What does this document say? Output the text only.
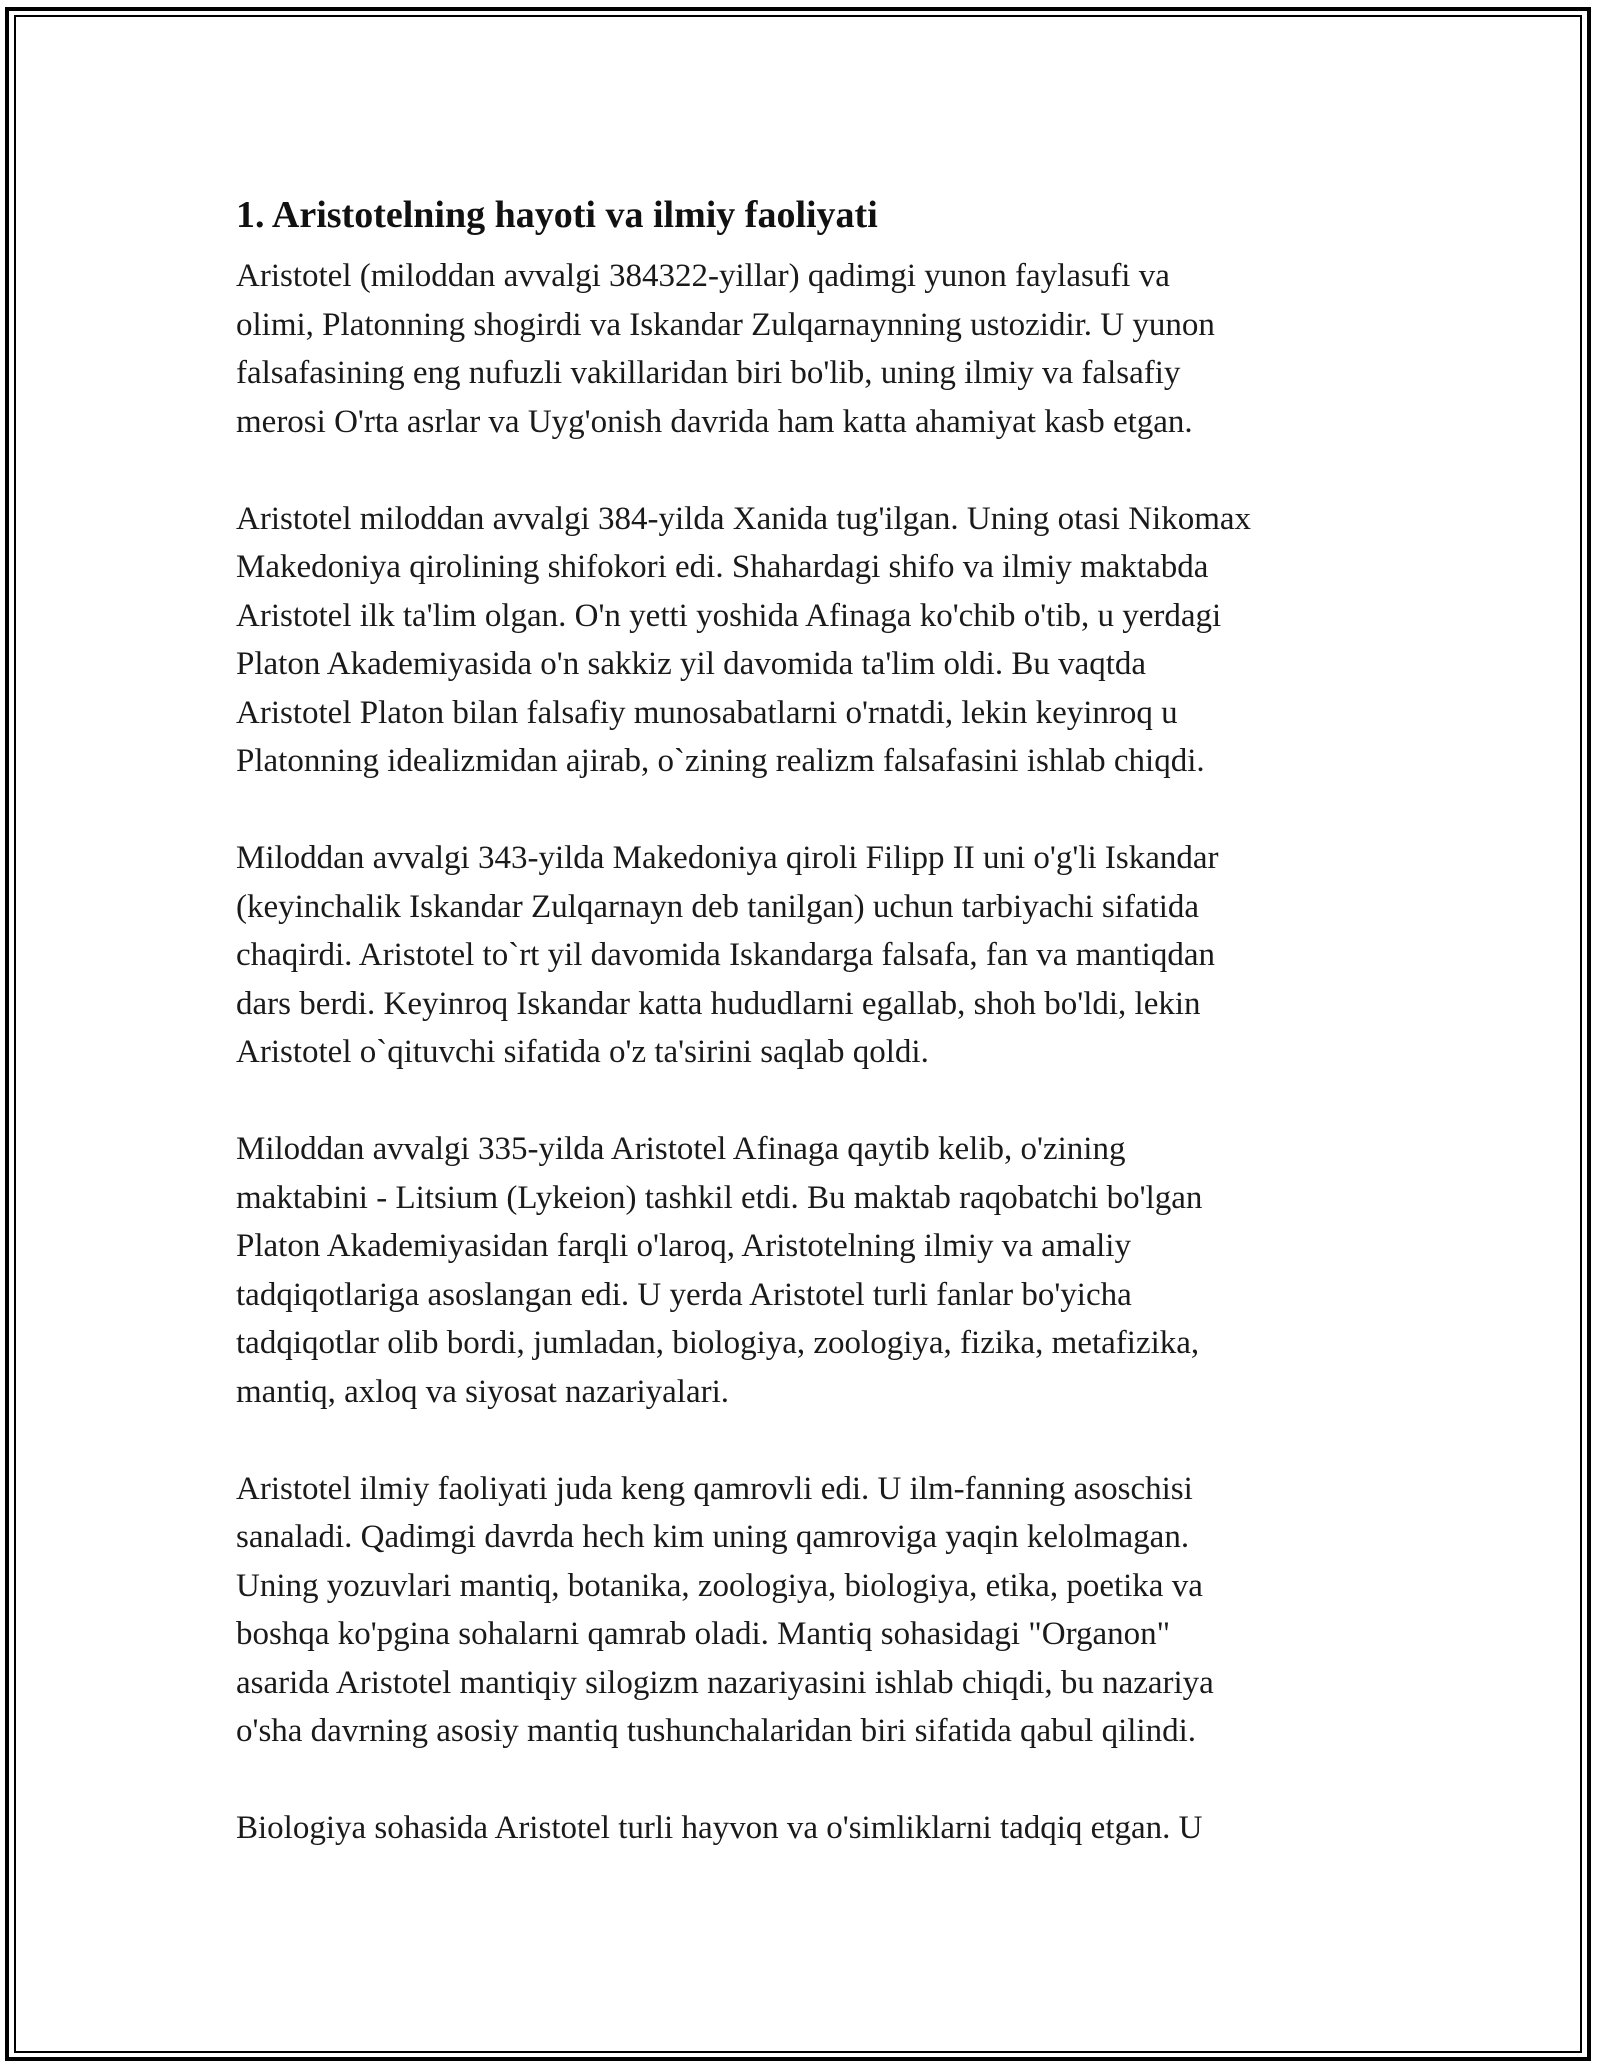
1. Aristotelning hayoti va ilmiy faoliyati

Aristotel (miloddan avvalgi 384322-yillar) qadimgi yunon faylasufi va
olimi, Platonning shogirdi va Iskandar Zulqarnaynning ustozidir. U yunon
falsafasining eng nufuzli vakillaridan biri bo'lib, uning ilmiy va falsafiy
merosi O'rta asrlar va Uyg'onish davrida ham katta ahamiyat kasb etgan.

Aristotel miloddan avvalgi 384-yilda Xanida tug'ilgan. Uning otasi Nikomax
Makedoniya qirolining shifokori edi. Shahardagi shifo va ilmiy maktabda
Aristotel ilk ta'lim olgan. O'n yetti yoshida Afinaga ko'chib o'tib, u yerdagi
Platon Akademiyasida o'n sakkiz yil davomida ta'lim oldi. Bu vaqtda
Aristotel Platon bilan falsafiy munosabatlarni o'rnatdi, lekin keyinroq u
Platonning idealizmidan ajirab, o`zining realizm falsafasini ishlab chiqdi.

Miloddan avvalgi 343-yilda Makedoniya qiroli Filipp II uni o'g'li Iskandar
(keyinchalik Iskandar Zulqarnayn deb tanilgan) uchun tarbiyachi sifatida
chaqirdi. Aristotel to`rt yil davomida Iskandarga falsafa, fan va mantiqdan
dars berdi. Keyinroq Iskandar katta hududlarni egallab, shoh bo'ldi, lekin
Aristotel o`qituvchi sifatida o'z ta'sirini saqlab qoldi.

Miloddan avvalgi 335-yilda Aristotel Afinaga qaytib kelib, o'zining
maktabini - Litsium (Lykeion) tashkil etdi. Bu maktab raqobatchi bo'lgan
Platon Akademiyasidan farqli o'laroq, Aristotelning ilmiy va amaliy
tadqiqotlariga asoslangan edi. U yerda Aristotel turli fanlar bo'yicha
tadqiqotlar olib bordi, jumladan, biologiya, zoologiya, fizika, metafizika,
mantiq, axloq va siyosat nazariyalari.

Aristotel ilmiy faoliyati juda keng qamrovli edi. U ilm-fanning asoschisi
sanaladi. Qadimgi davrda hech kim uning qamroviga yaqin kelolmagan.
Uning yozuvlari mantiq, botanika, zoologiya, biologiya, etika, poetika va
boshqa ko'pgina sohalarni qamrab oladi. Mantiq sohasidagi "Organon"
asarida Aristotel mantiqiy silogizm nazariyasini ishlab chiqdi, bu nazariya
o'sha davrning asosiy mantiq tushunchalaridan biri sifatida qabul qilindi.

Biologiya sohasida Aristotel turli hayvon va o'simliklarni tadqiq etgan. U
